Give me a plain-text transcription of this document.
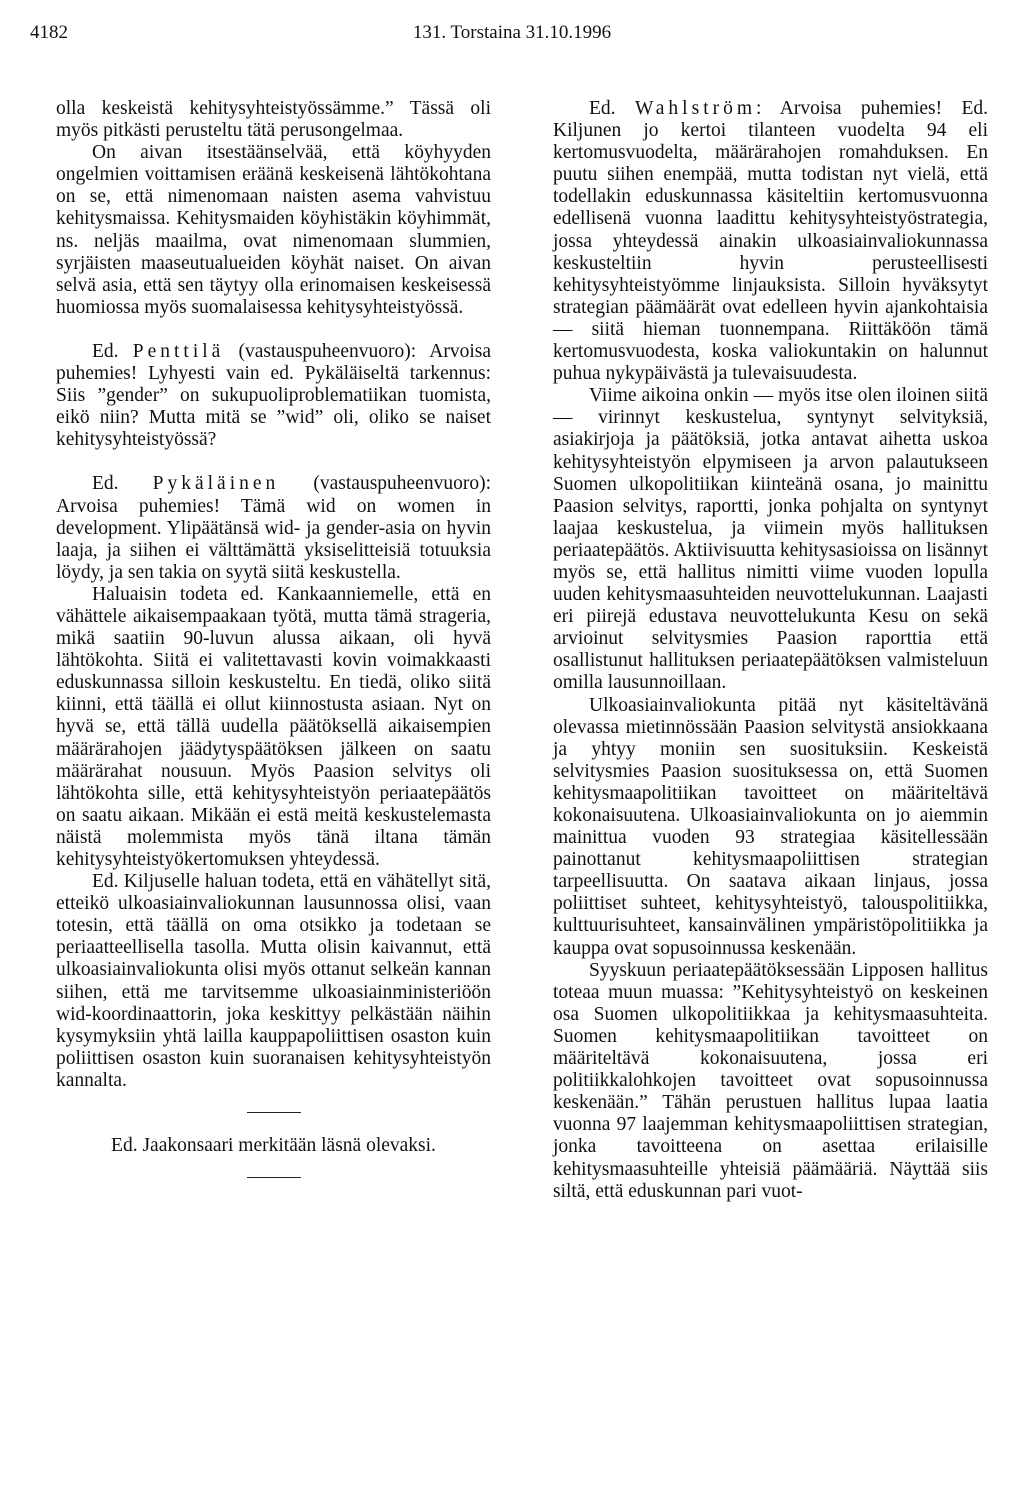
4182	131. Torstaina 31.10.1996

olla keskeistä kehitysyhteistyössämme.” Tässä oli myös pitkästi perusteltu tätä perusongelmaa.

On aivan itsestäänselvää, että köyhyyden ongelmien voittamisen eräänä keskeisenä lähtökohtana on se, että nimenomaan naisten asema vahvistuu kehitysmaissa. Kehitysmaiden köyhistäkin köyhimmät, ns. neljäs maailma, ovat nimenomaan slummien, syrjäisten maaseutualueiden köyhät naiset. On aivan selvä asia, että sen täytyy olla erinomaisen keskeisessä huomiossa myös suomalaisessa kehitysyhteistyössä.

Ed. Penttilä (vastauspuheenvuoro): Arvoisa puhemies! Lyhyesti vain ed. Pykäläiseltä tarkennus: Siis ”gender” on sukupuoliproblematiikan tuomista, eikö niin? Mutta mitä se ”wid” oli, oliko se naiset kehitysyhteistyössä?

Ed. Pykäläinen (vastauspuheenvuoro): Arvoisa puhemies! Tämä wid on women in development. Ylipäätänsä wid- ja gender-asia on hyvin laaja, ja siihen ei välttämättä yksiselitteisiä totuuksia löydy, ja sen takia on syytä siitä keskustella.

Haluaisin todeta ed. Kankaanniemelle, että en vähättele aikaisempaakaan työtä, mutta tämä strageria, mikä saatiin 90-luvun alussa aikaan, oli hyvä lähtökohta. Siitä ei valitettavasti kovin voimakkaasti eduskunnassa silloin keskusteltu. En tiedä, oliko siitä kiinni, että täällä ei ollut kiinnostusta asiaan. Nyt on hyvä se, että tällä uudella päätöksellä aikaisempien määrärahojen jäädytyspäätöksen jälkeen on saatu määrärahat nousuun. Myös Paasion selvitys oli lähtökohta sille, että kehitysyhteistyön periaatepäätös on saatu aikaan. Mikään ei estä meitä keskustelemasta näistä molemmista myös tänä iltana tämän kehitysyhteistyökertomuksen yhteydessä.

Ed. Kiljuselle haluan todeta, että en vähätellyt sitä, etteikö ulkoasiainvaliokunnan lausunnossa olisi, vaan totesin, että täällä on oma otsikko ja todetaan se periaatteellisella tasolla. Mutta olisin kaivannut, että ulkoasiainvaliokunta olisi myös ottanut selkeän kannan siihen, että me tarvitsemme ulkoasiainministeriöön wid-koordinaattorin, joka keskittyy pelkästään näihin kysymyksiin yhtä lailla kauppapoliittisen osaston kuin poliittisen osaston kuin suoranaisen kehitysyhteistyön kannalta.

Ed. Jaakonsaari merkitään läsnä olevaksi.

Ed. Wahlström: Arvoisa puhemies! Ed. Kiljunen jo kertoi tilanteen vuodelta 94 eli kertomusvuodelta, määrärahojen romahduksen. En puutu siihen enempää, mutta todistan nyt vielä, että todellakin eduskunnassa käsiteltiin kertomusvuonna edellisenä vuonna laadittu kehitysyhteistyöstrategia, jossa yhteydessä ainakin ulkoasiainvaliokunnassa keskusteltiin hyvin perusteellisesti kehitysyhteistyömme linjauksista. Silloin hyväksytyt strategian päämäärät ovat edelleen hyvin ajankohtaisia — siitä hieman tuonnempana. Riittäköön tämä kertomusvuodesta, koska valiokuntakin on halunnut puhua nykypäivästä ja tulevaisuudesta.

Viime aikoina onkin — myös itse olen iloinen siitä — virinnyt keskustelua, syntynyt selvityksiä, asiakirjoja ja päätöksiä, jotka antavat aihetta uskoa kehitysyhteistyön elpymiseen ja arvon palautukseen Suomen ulkopolitiikan kiinteänä osana, jo mainittu Paasion selvitys, raportti, jonka pohjalta on syntynyt laajaa keskustelua, ja viimein myös hallituksen periaatepäätös. Aktiivisuutta kehitysasioissa on lisännyt myös se, että hallitus nimitti viime vuoden lopulla uuden kehitysmaasuhteiden neuvottelukunnan. Laajasti eri piirejä edustava neuvottelukunta Kesu on sekä arvioinut selvitysmies Paasion raporttia että osallistunut hallituksen periaatepäätöksen valmisteluun omilla lausunnoillaan.

Ulkoasiainvaliokunta pitää nyt käsiteltävänä olevassa mietinnössään Paasion selvitystä ansiokkaana ja yhtyy moniin sen suosituksiin. Keskeistä selvitysmies Paasion suosituksessa on, että Suomen kehitysmaapolitiikan tavoitteet on määriteltävä kokonaisuutena. Ulkoasiainvaliokunta on jo aiemmin mainittua vuoden 93 strategiaa käsitellessään painottanut kehitysmaapoliittisen strategian tarpeellisuutta. On saatava aikaan linjaus, jossa poliittiset suhteet, kehitysyhteistyö, talouspolitiikka, kulttuurisuhteet, kansainvälinen ympäristöpolitiikka ja kauppa ovat sopusoinnussa keskenään.

Syyskuun periaatepäätöksessään Lipposen hallitus toteaa muun muassa: ”Kehitysyhteistyö on keskeinen osa Suomen ulkopolitiikkaa ja kehitysmaasuhteita. Suomen kehitysmaapolitiikan tavoitteet on määriteltävä kokonaisuutena, jossa eri politiikkalohkojen tavoitteet ovat sopusoinnussa keskenään.” Tähän perustuen hallitus lupaa laatia vuonna 97 laajemman kehitysmaapoliittisen strategian, jonka tavoitteena on asettaa erilaisille kehitysmaasuhteille yhteisiä päämääriä. Näyttää siis siltä, että eduskunnan pari vuot-
